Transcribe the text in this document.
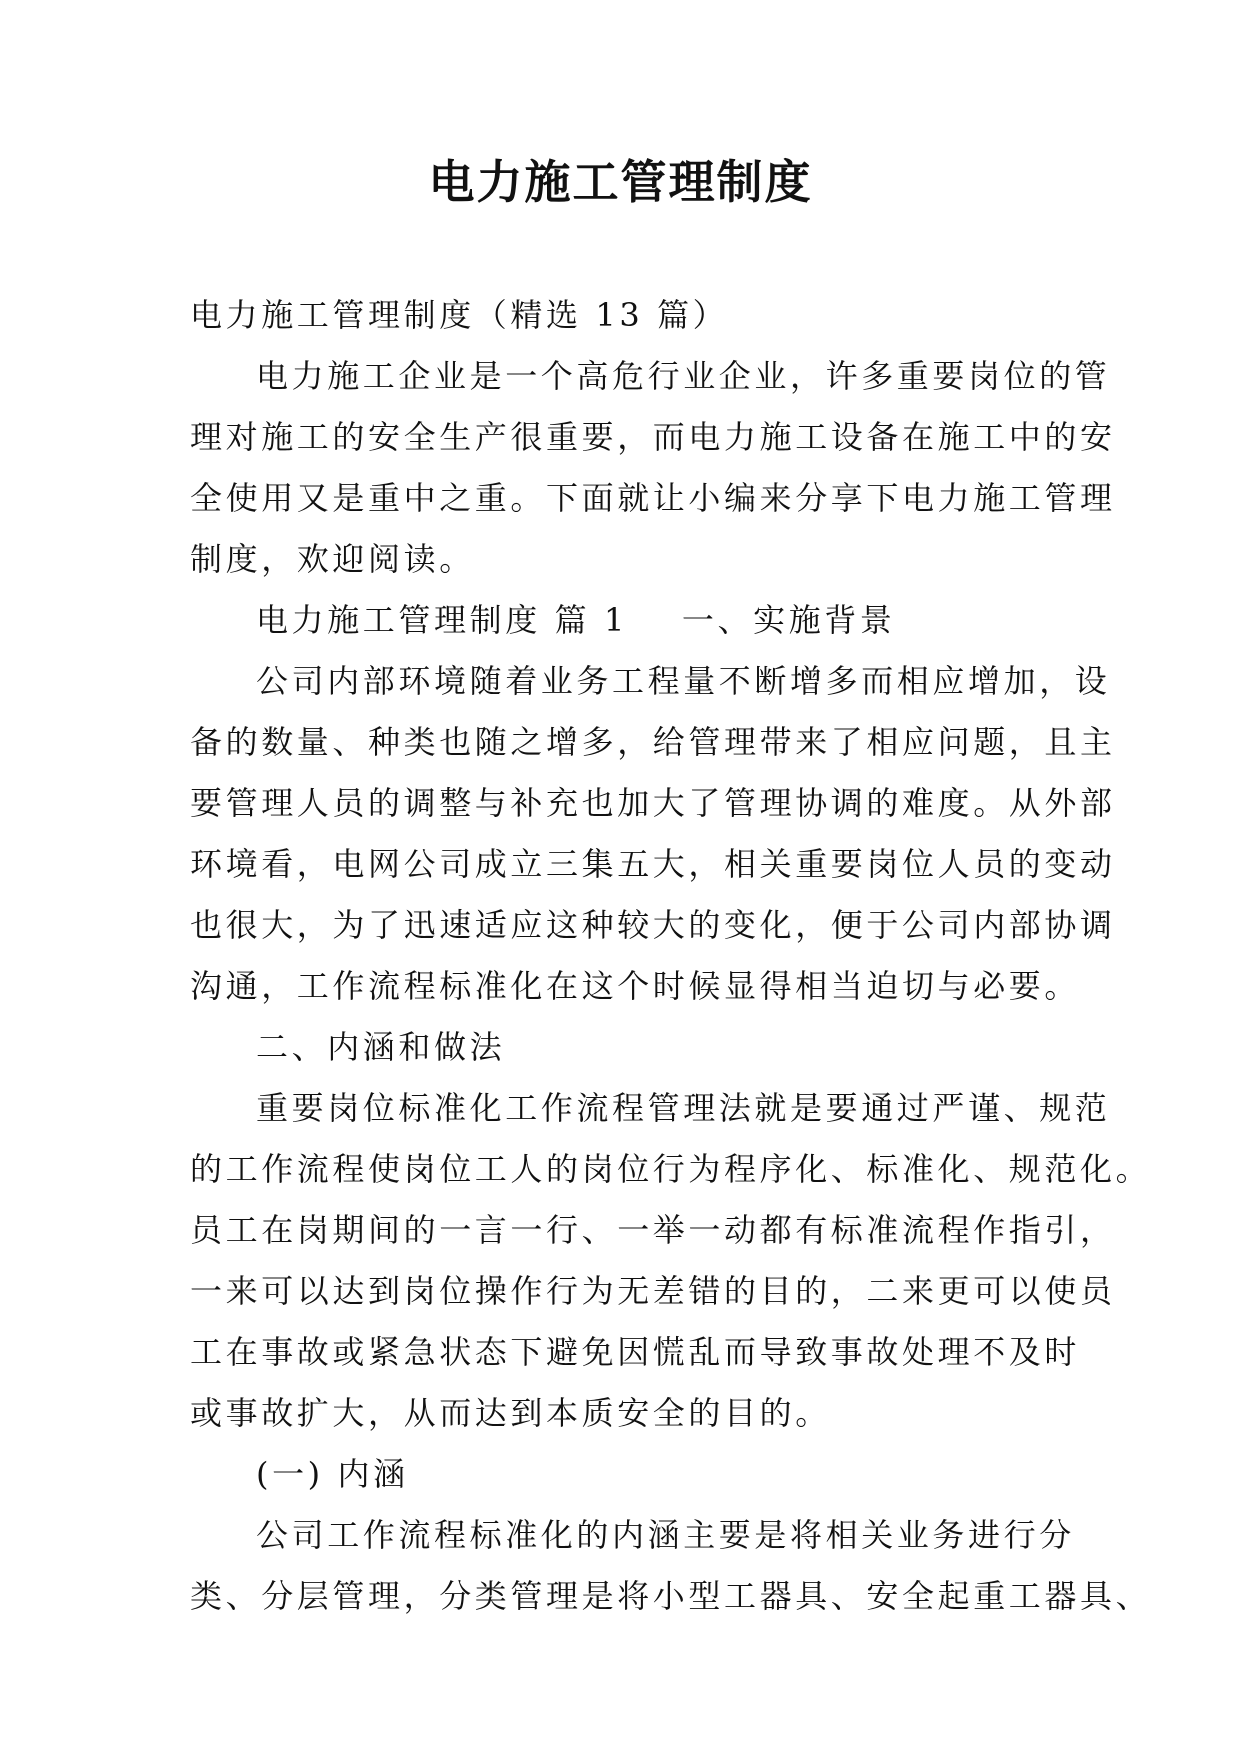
电力施工管理制度
电力施工管理制度（精选 13 篇）
电力施工企业是一个高危行业企业，许多重要岗位的管
理对施工的安全生产很重要，而电力施工设备在施工中的安
全使用又是重中之重。下面就让小编来分享下电力施工管理
制度，欢迎阅读。
电力施工管理制度 篇 1 一、实施背景
公司内部环境随着业务工程量不断增多而相应增加，设
备的数量、种类也随之增多，给管理带来了相应问题，且主
要管理人员的调整与补充也加大了管理协调的难度。从外部
环境看，电网公司成立三集五大，相关重要岗位人员的变动
也很大，为了迅速适应这种较大的变化，便于公司内部协调
沟通，工作流程标准化在这个时候显得相当迫切与必要。
二、内涵和做法
重要岗位标准化工作流程管理法就是要通过严谨、规范
的工作流程使岗位工人的岗位行为程序化、标准化、规范化。
员工在岗期间的一言一行、一举一动都有标准流程作指引，
一来可以达到岗位操作行为无差错的目的，二来更可以使员
工在事故或紧急状态下避免因慌乱而导致事故处理不及时
或事故扩大，从而达到本质安全的目的。
(一) 内涵
公司工作流程标准化的内涵主要是将相关业务进行分
类、分层管理，分类管理是将小型工器具、安全起重工器具、
